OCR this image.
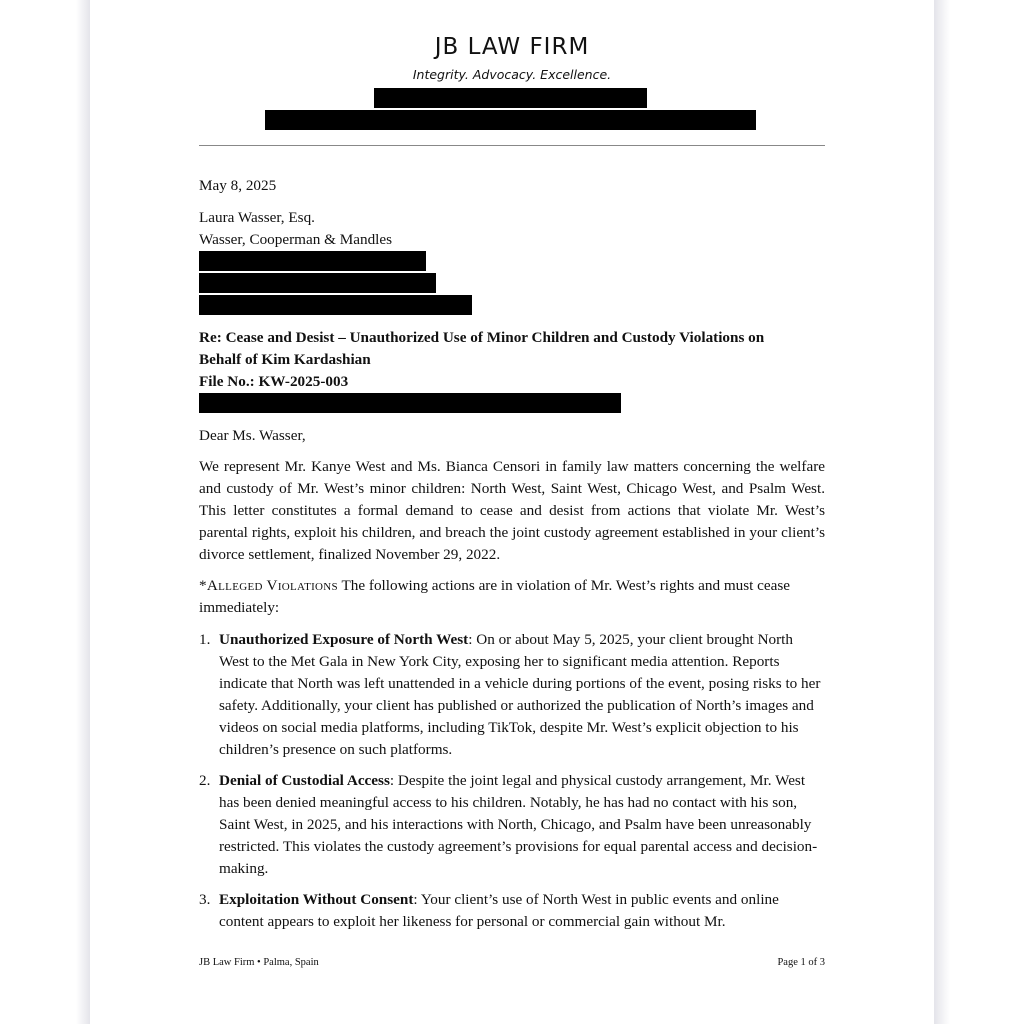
JB LAW FIRM
Integrity. Advocacy. Excellence.

May 8, 2025

Laura Wasser, Esq.

Wasser, Cooperman & Mandles

Re: Cease and Desist – Unauthorized Use of Minor Children and Custody Violations on

Behalf of Kim Kardashian

File No.: KW-2025-003

Dear Ms. Wasser,

We represent Mr. Kanye West and Ms. Bianca Censori in family law matters concerning the welfare and custody of Mr. West’s minor children: North West, Saint West, Chicago West, and Psalm West. This letter constitutes a formal demand to cease and desist from actions that violate Mr. West’s parental rights, exploit his children, and breach the joint custody agreement established in your client’s divorce settlement, finalized November 29, 2022.

*Alleged Violations The following actions are in violation of Mr. West’s rights and must cease immediately:

1. Unauthorized Exposure of North West: On or about May 5, 2025, your client brought North West to the Met Gala in New York City, exposing her to significant media attention. Reports indicate that North was left unattended in a vehicle during portions of the event, posing risks to her safety. Additionally, your client has published or authorized the publication of North’s images and videos on social media platforms, including TikTok, despite Mr. West’s explicit objection to his children’s presence on such platforms.
2. Denial of Custodial Access: Despite the joint legal and physical custody arrangement, Mr. West has been denied meaningful access to his children. Notably, he has had no contact with his son, Saint West, in 2025, and his interactions with North, Chicago, and Psalm have been unreasonably restricted. This violates the custody agreement’s provisions for equal parental access and decision-making.
3. Exploitation Without Consent: Your client’s use of North West in public events and online content appears to exploit her likeness for personal or commercial gain without Mr.
JB Law Firm • Palma, Spain	Page 1 of 3
